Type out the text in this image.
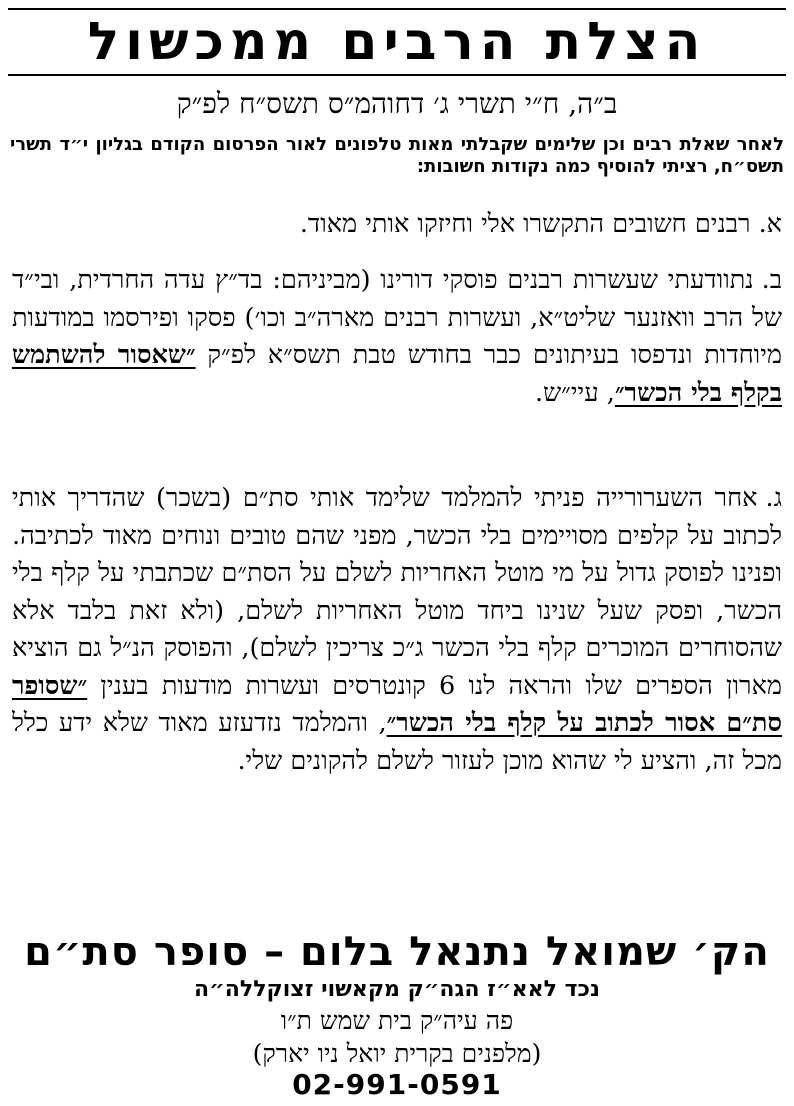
הצלת הרבים ממכשול
ב״ה, ח״י תשרי ג׳ דחוהמ״ס תשס״ח לפ״ק
לאחר שאלת רבים וכן שלימים שקבלתי מאות טלפונים לאור הפרסום הקודם בגליון י״ד תשרי תשס״ח, רציתי להוסיף כמה נקודות חשובות:
א.רבנים חשובים התקשרו אלי וחיזקו אותי מאוד.
ב.נתוודעתי שעשרות רבנים פוסקי דורינו (מביניהם: בד״ץ עדה החרדית, ובי״ד של הרב וואזנער שליט״א, ועשרות רבנים מארה״ב וכו׳) פסקו ופירסמו במודעות מיוחדות ונדפסו בעיתונים כבר בחודש טבת תשס״א לפ״ק ״שאסור להשתמש בקלף בלי הכשר״, עיי״ש.
ג.אחר השערורייה פניתי להמלמד שלימד אותי סת״ם (בשכר) שהדריך אותי לכתוב על קלפים מסויימים בלי הכשר, מפני שהם טובים ונוחים מאוד לכתיבה. ופנינו לפוסק גדול על מי מוטל האחריות לשלם על הסת״ם שכתבתי על קלף בלי הכשר, ופסק שעל שנינו ביחד מוטל האחריות לשלם, (ולא זאת בלבד אלא שהסוחרים המוכרים קלף בלי הכשר ג״כ צריכין לשלם), והפוסק הנ״ל גם הוציא מארון הספרים שלו והראה לנו 6 קונטרסים ועשרות מודעות בענין ״שסופר סת״ם אסור לכתוב על קלף בלי הכשר״, והמלמד נזדעזע מאוד שלא ידע כלל מכל זה, והציע לי שהוא מוכן לעזור לשלם להקונים שלי.
הק׳ שמואל נתנאל בלום – סופר סת״ם
נכד לאא״ז הגה״ק מקאשוי זצוקללה״ה
פה עיה״ק בית שמש ת״ו
(מלפנים בקרית יואל ניו יארק)
02-991-0591
